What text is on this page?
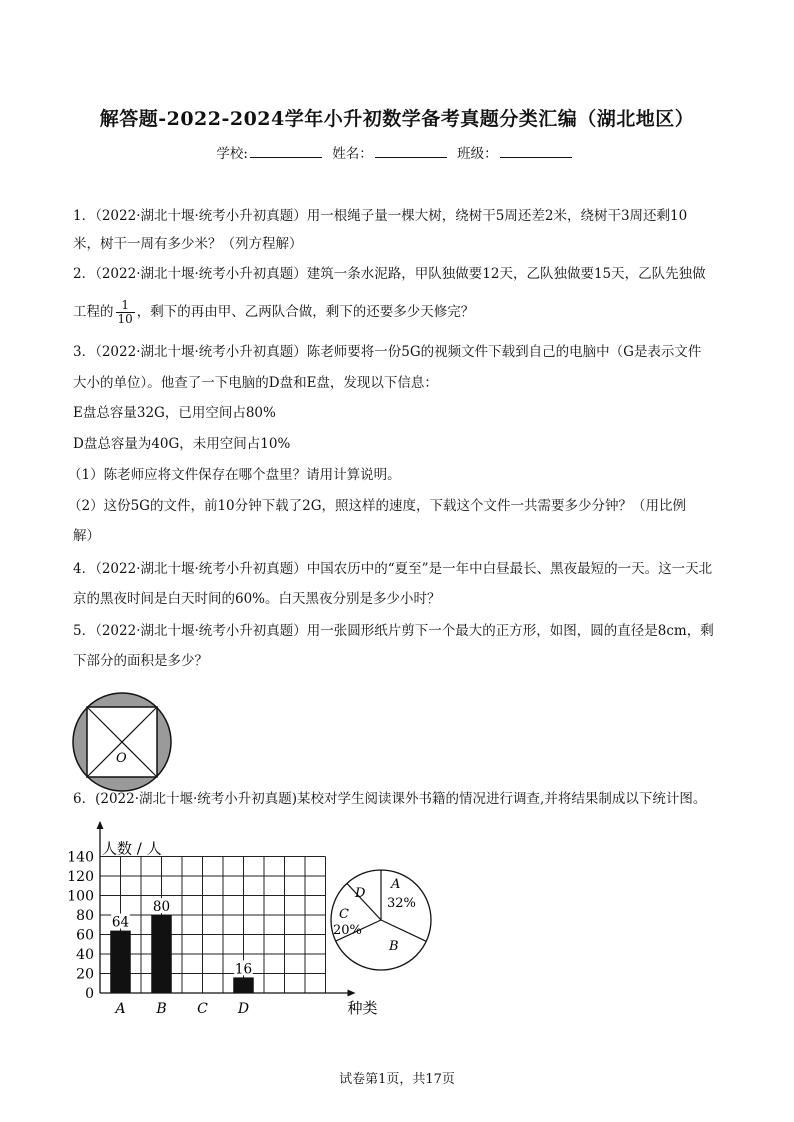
解答题-2022-2024学年小升初数学备考真题分类汇编（湖北地区）
学校:	姓名：	班级：
1．（2022·湖北十堰·统考小升初真题）用一根绳子量一棵大树，绕树干5周还差2米，绕树干3周还剩10
米，树干一周有多少米？（列方程解）
2．（2022·湖北十堰·统考小升初真题）建筑一条水泥路，甲队独做要12天，乙队独做要15天，乙队先独做
工程的 $\frac{1}{10}$ ，剩下的再由甲、乙两队合做，剩下的还要多少天修完？
3．（2022·湖北十堰·统考小升初真题）陈老师要将一份5G的视频文件下载到自己的电脑中（G是表示文件
大小的单位）。他查了一下电脑的D盘和E盘，发现以下信息：
E盘总容量32G，已用空间占80%
D盘总容量为40G，未用空间占10%
（1）陈老师应将文件保存在哪个盘里？请用计算说明。
（2）这份5G的文件，前10分钟下载了2G，照这样的速度，下载这个文件一共需要多少分钟？（用比例
解）
4．（2022·湖北十堰·统考小升初真题）中国农历中的“夏至”是一年中白昼最长、黑夜最短的一天。这一天北
京的黑夜时间是白天时间的60%。白天黑夜分别是多少小时？
5．（2022·湖北十堰·统考小升初真题）用一张圆形纸片剪下一个最大的正方形，如图，圆的直径是8cm，剩
下部分的面积是多少？
O
6．(2022·湖北十堰·统考小升初真题)某校对学生阅读课外书籍的情况进行调查,并将结果制成以下统计图。
人数 / 人
种类
0
20
40
60
80
100
120
140
A
64
B
80
C D
16
A
32%
B
C
20%
D
试卷第1页，共17页
